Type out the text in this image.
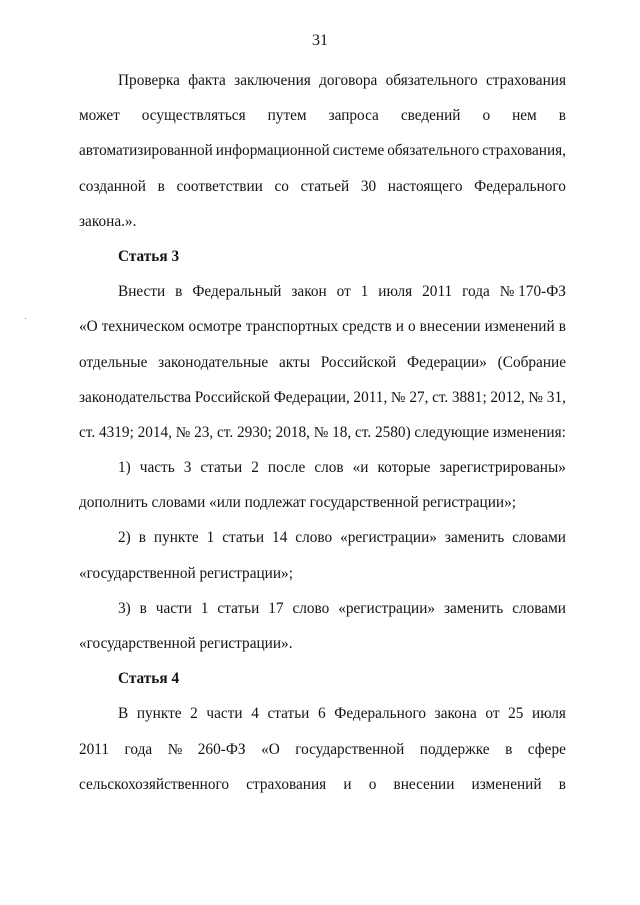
31
Проверка факта заключения договора обязательного страхования
может осуществляться путем запроса сведений о нем в
автоматизированной информационной системе обязательного страхования,
созданной в соответствии со статьей 30 настоящего Федерального
закона.».
Статья 3
Внести в Федеральный закон от 1 июля 2011 года № 170-ФЗ
«О техническом осмотре транспортных средств и о внесении изменений в
отдельные законодательные акты Российской Федерации» (Собрание
законодательства Российской Федерации, 2011, № 27, ст. 3881; 2012, № 31,
ст. 4319; 2014, № 23, ст. 2930; 2018, № 18, ст. 2580) следующие изменения:
1) часть 3 статьи 2 после слов «и которые зарегистрированы»
дополнить словами «или подлежат государственной регистрации»;
2) в пункте 1 статьи 14 слово «регистрации» заменить словами
«государственной регистрации»;
3) в части 1 статьи 17 слово «регистрации» заменить словами
«государственной регистрации».
Статья 4
В пункте 2 части 4 статьи 6 Федерального закона от 25 июля
2011 года № 260-ФЗ «О государственной поддержке в сфере
сельскохозяйственного страхования и о внесении изменений в
